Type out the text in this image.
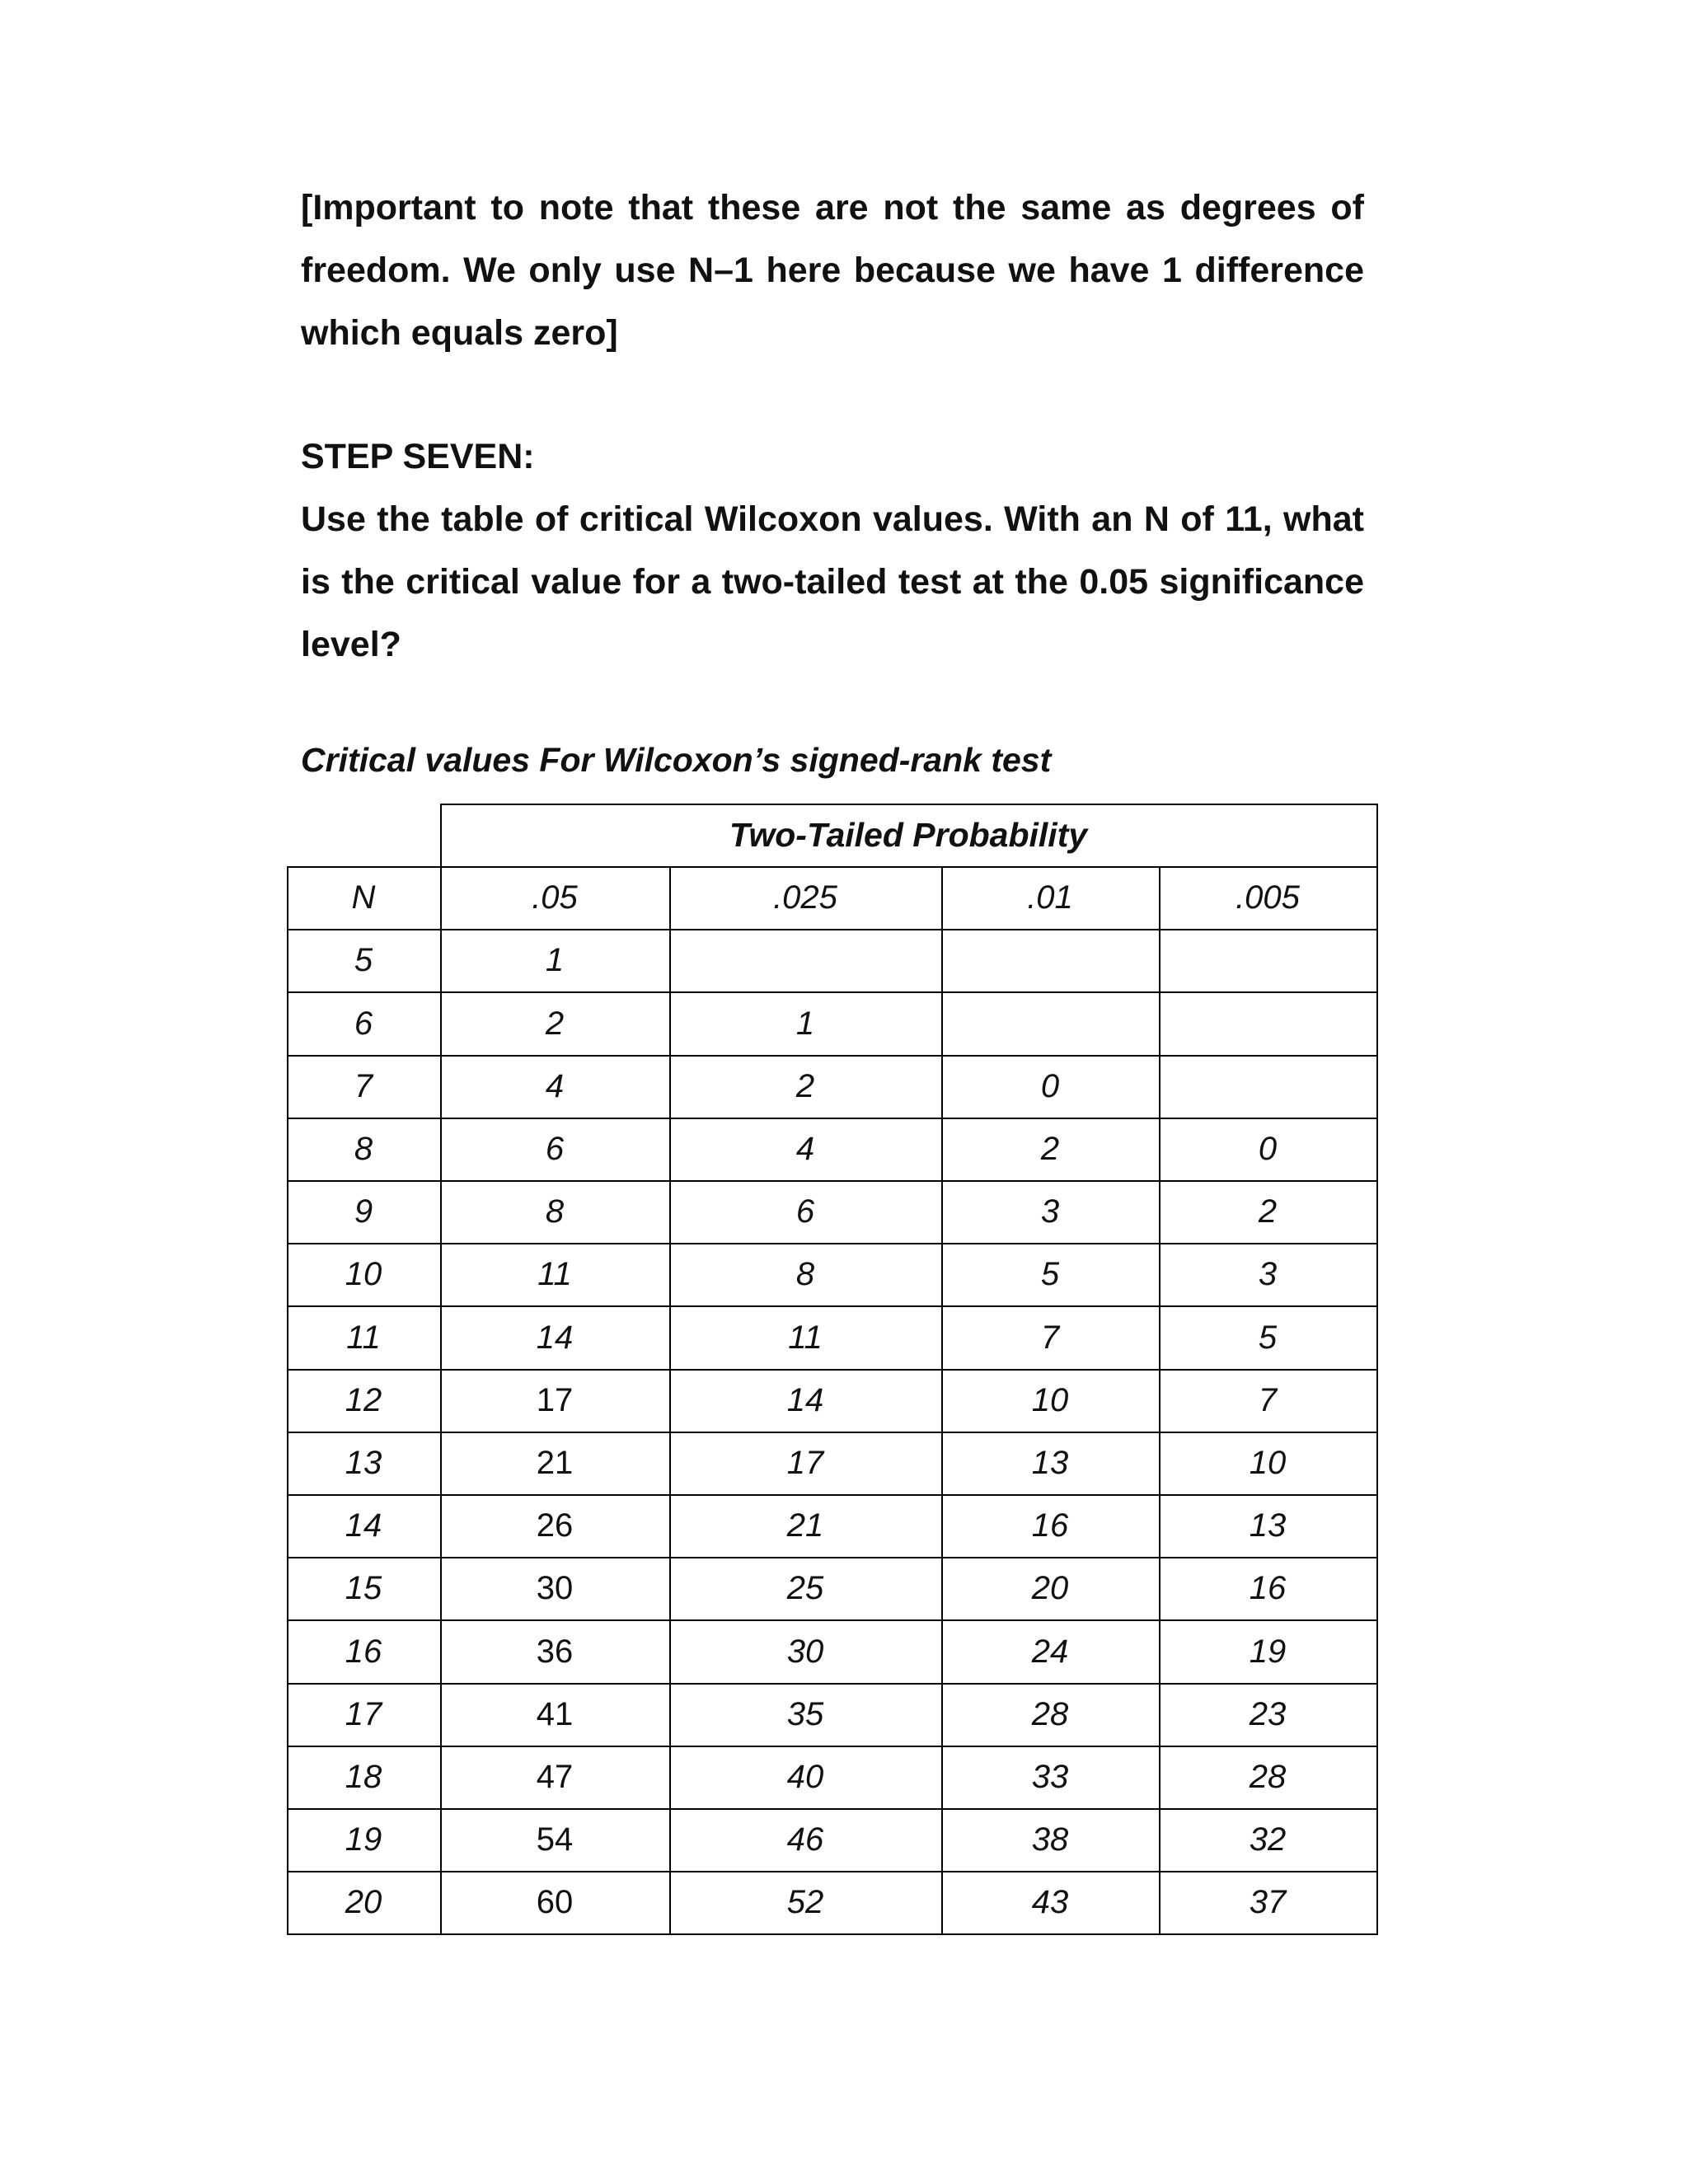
[Important to note that these are not the same as degrees of freedom. We only use N–1 here because we have 1 difference which equals zero]

STEP SEVEN:

Use the table of critical Wilcoxon values. With an N of 11, what is the critical value for a two-tailed test at the 0.05 significance level?

Critical values For Wilcoxon’s signed-rank test

Two-Tailed Probability
N	.05	.025	.01	.005
5	1
6	2	1
7	4	2	0
8	6	4	2	0
9	8	6	3	2
10	11	8	5	3
11	14	11	7	5
12	17	14	10	7
13	21	17	13	10
14	26	21	16	13
15	30	25	20	16
16	36	30	24	19
17	41	35	28	23
18	47	40	33	28
19	54	46	38	32
20	60	52	43	37
